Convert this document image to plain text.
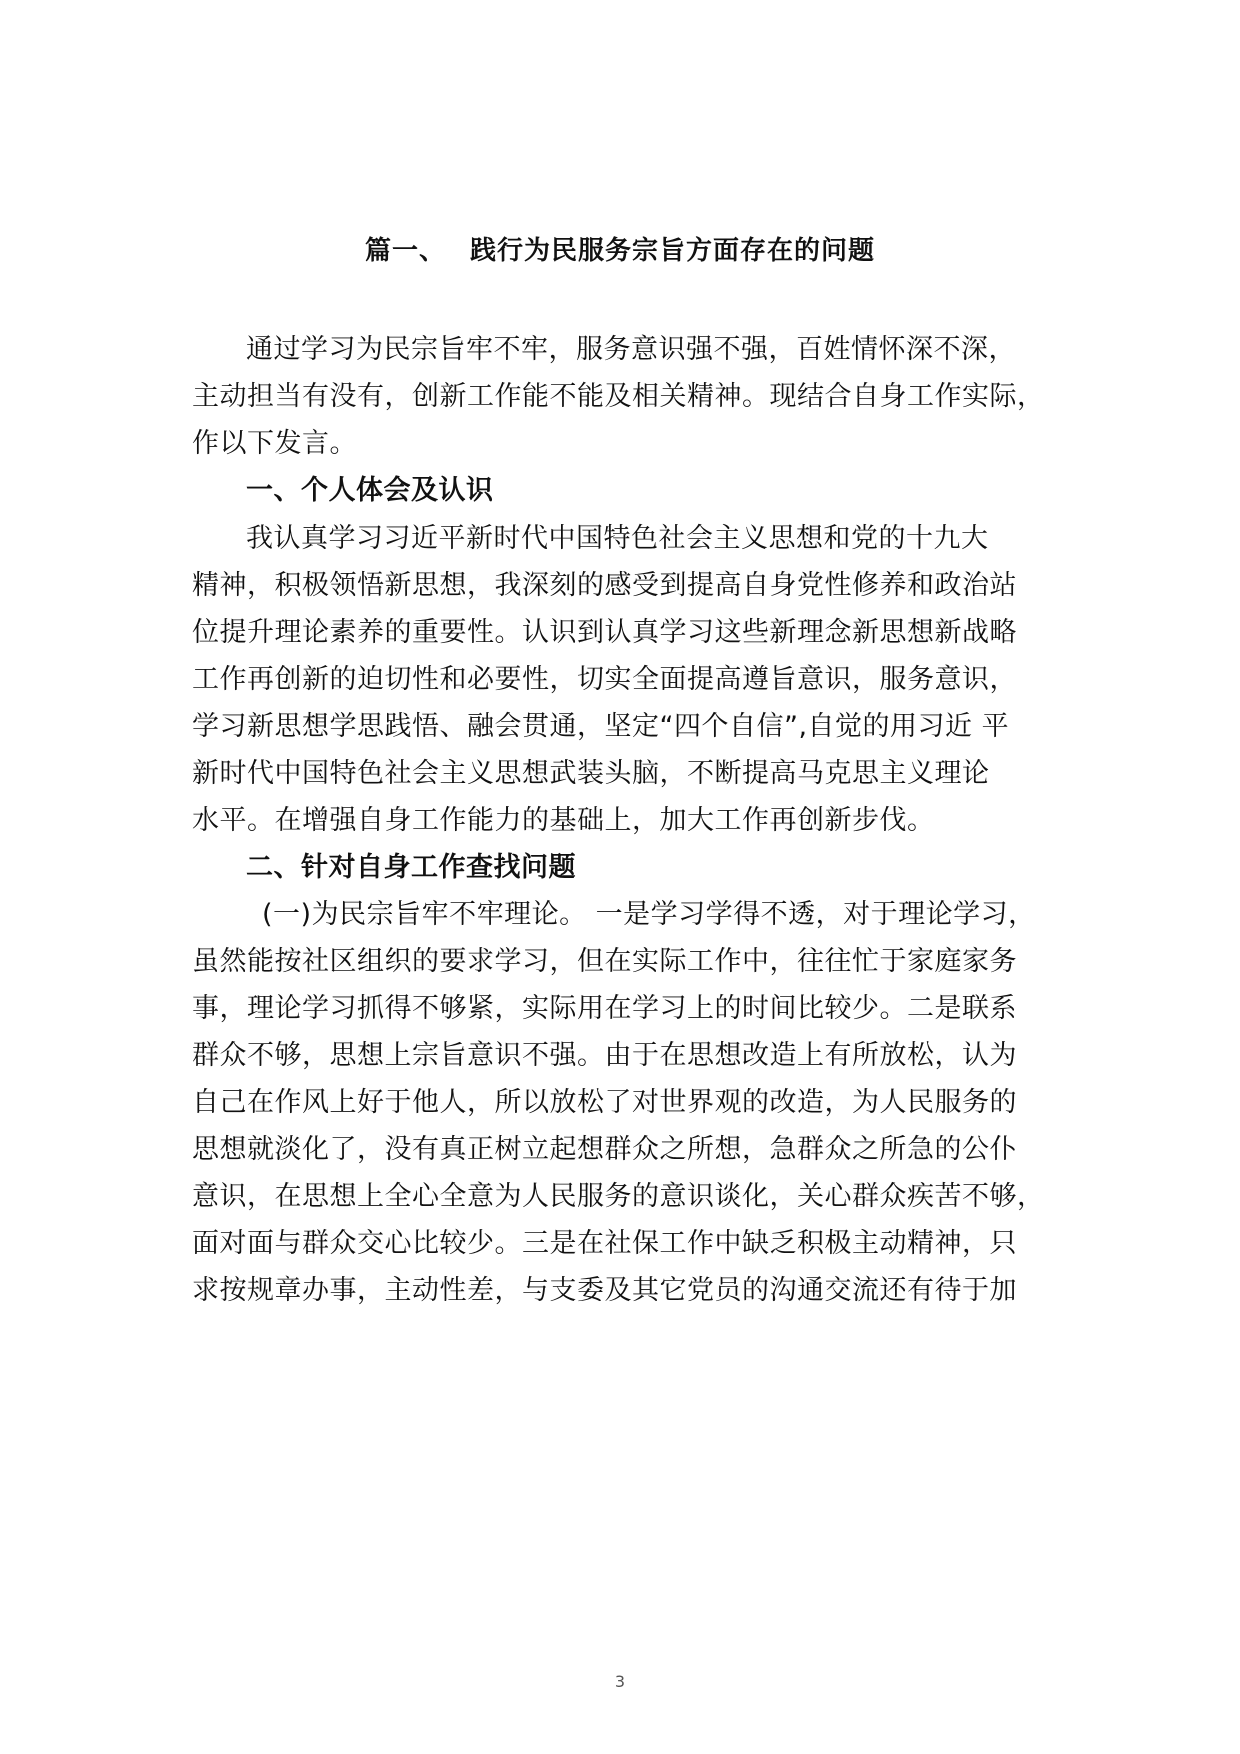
篇一、 践行为民服务宗旨方面存在的问题
通过学习为民宗旨牢不牢，服务意识强不强，百姓情怀深不深，
主动担当有没有，创新工作能不能及相关精神。现结合自身工作实际，
作以下发言。
一、个人体会及认识
我认真学习习近平新时代中国特色社会主义思想和党的十九大
精神，积极领悟新思想，我深刻的感受到提高自身党性修养和政治站
位提升理论素养的重要性。认识到认真学习这些新理念新思想新战略
工作再创新的迫切性和必要性，切实全面提高遵旨意识，服务意识，
学习新思想学思践悟、融会贯通，坚定“四个自信”,自觉的用习近 平
新时代中国特色社会主义思想武装头脑，不断提高马克思主义理论
水平。在增强自身工作能力的基础上，加大工作再创新步伐。
二、针对自身工作查找问题
(一)为民宗旨牢不牢理论。 一是学习学得不透，对于理论学习，
虽然能按社区组织的要求学习，但在实际工作中，往往忙于家庭家务
事，理论学习抓得不够紧，实际用在学习上的时间比较少。二是联系
群众不够，思想上宗旨意识不强。由于在思想改造上有所放松，认为
自己在作风上好于他人，所以放松了对世界观的改造，为人民服务的
思想就淡化了，没有真正树立起想群众之所想，急群众之所急的公仆
意识，在思想上全心全意为人民服务的意识谈化，关心群众疾苦不够，
面对面与群众交心比较少。三是在社保工作中缺乏积极主动精神，只
求按规章办事，主动性差，与支委及其它党员的沟通交流还有待于加
3
